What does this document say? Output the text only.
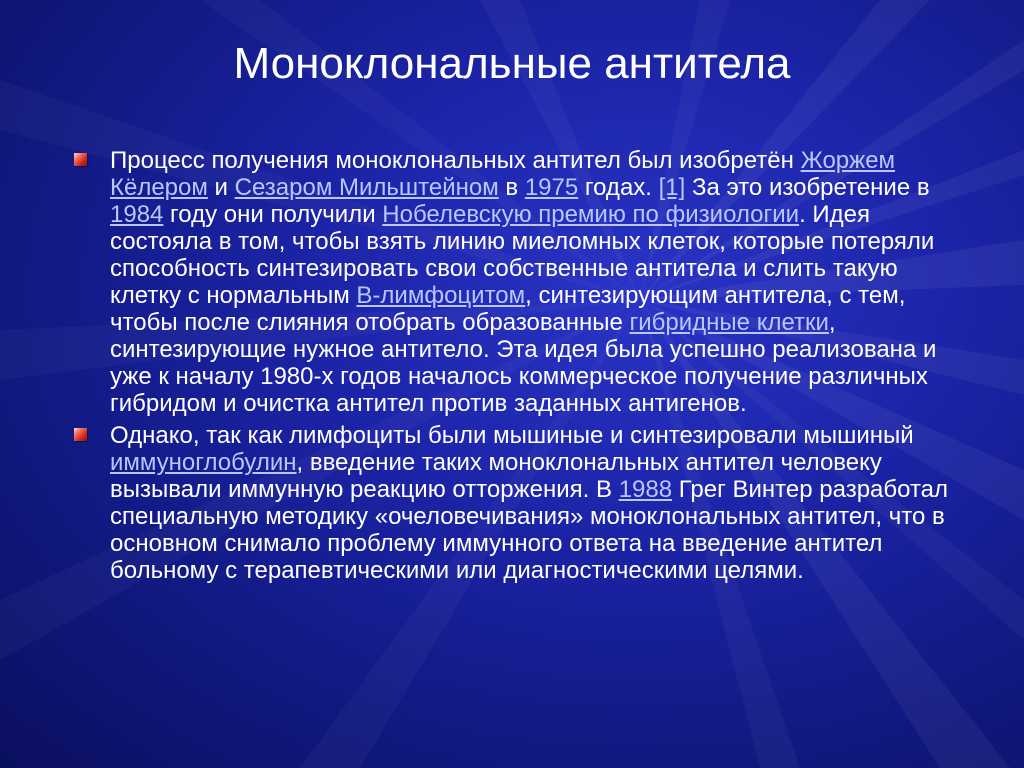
Моноклональные антитела
Процесс получения моноклональных антител был изобретён Жоржем Кёлером и Сезаром Мильштейном в 1975 годах. [1] За это изобретение в 1984 году они получили Нобелевскую премию по физиологии. Идея состояла в том, чтобы взять линию миеломных клеток, которые потеряли способность синтезировать свои собственные антитела и слить такую клетку с нормальным B-лимфоцитом, синтезирующим антитела, с тем, чтобы после слияния отобрать образованные гибридные клетки, синтезирующие нужное антитело. Эта идея была успешно реализована и уже к началу 1980-х годов началось коммерческое получение различных гибридом и очистка антител против заданных антигенов.
Однако, так как лимфоциты были мышиные и синтезировали мышиный иммуноглобулин, введение таких моноклональных антител человеку вызывали иммунную реакцию отторжения. В 1988 Грег Винтер разработал специальную методику «очеловечивания» моноклональных антител, что в основном снимало проблему иммунного ответа на введение антител больному с терапевтическими или диагностическими целями.
